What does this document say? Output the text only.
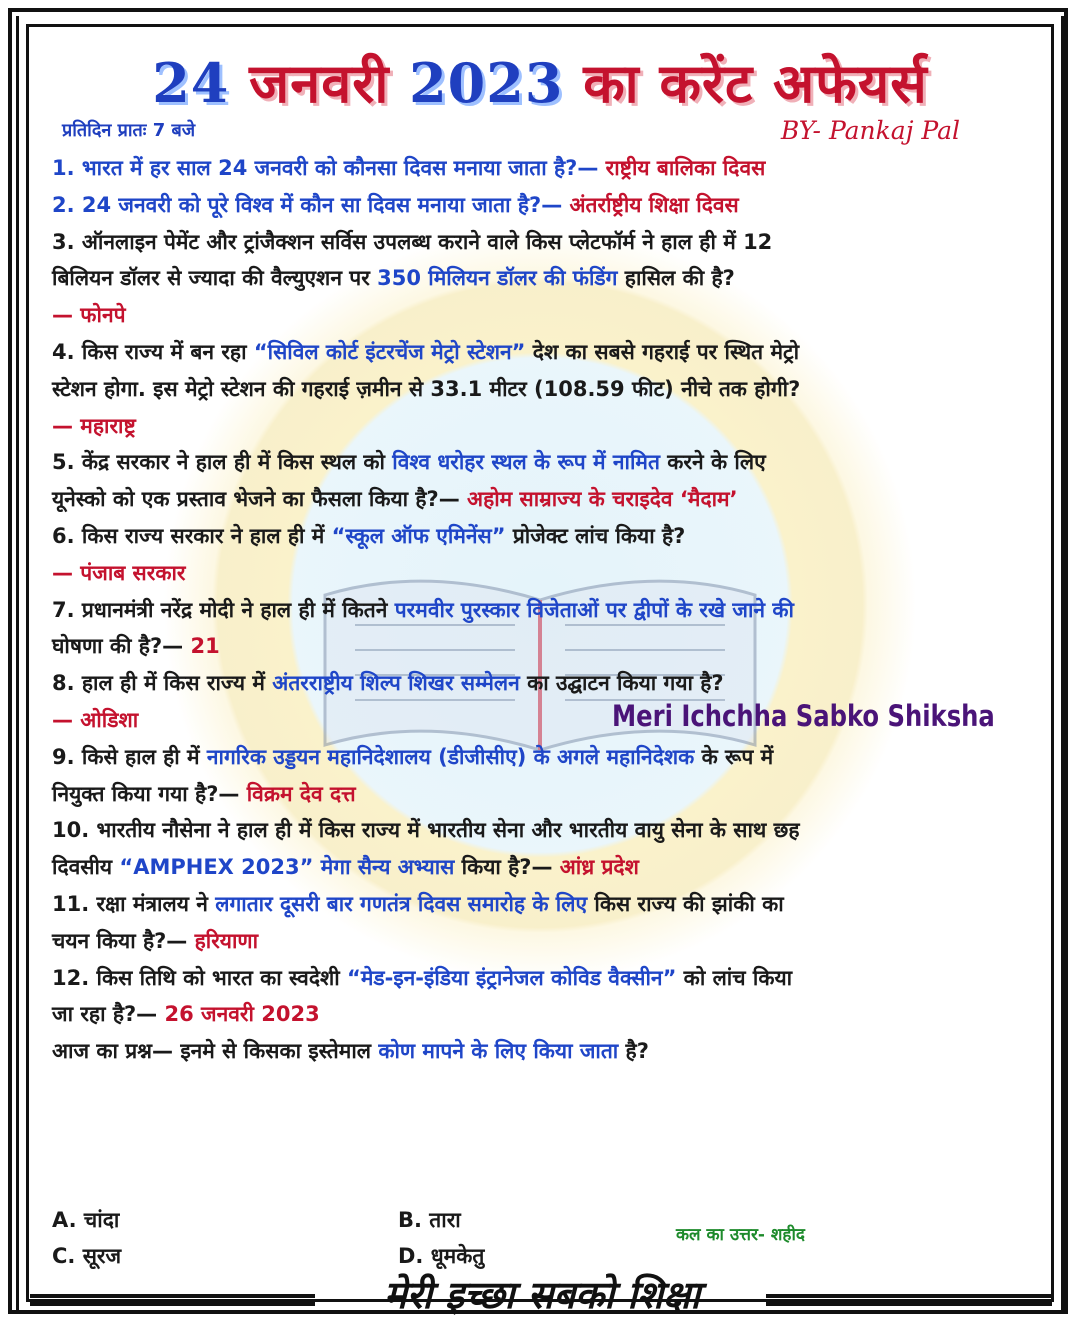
24 जनवरी 2023 का करेंट अफेयर्स
प्रतिदिन प्रातः 7 बजे	BY- Pankaj Pal
1. भारत में हर साल 24 जनवरी को कौनसा दिवस मनाया जाता है?— राष्ट्रीय बालिका दिवस
2. 24 जनवरी को पूरे विश्व में कौन सा दिवस मनाया जाता है?— अंतर्राष्ट्रीय शिक्षा दिवस
3. ऑनलाइन पेमेंट और ट्रांजैक्शन सर्विस उपलब्ध कराने वाले किस प्लेटफॉर्म ने हाल ही में 12
बिलियन डॉलर से ज्यादा की वैल्युएशन पर 350 मिलियन डॉलर की फंडिंग हासिल की है?
— फोनपे
4. किस राज्य में बन रहा “सिविल कोर्ट इंटरचेंज मेट्रो स्टेशन” देश का सबसे गहराई पर स्थित मेट्रो
स्टेशन होगा. इस मेट्रो स्टेशन की गहराई ज़मीन से 33.1 मीटर (108.59 फीट) नीचे तक होगी?
— महाराष्ट्र
5. केंद्र सरकार ने हाल ही में किस स्थल को विश्व धरोहर स्थल के रूप में नामित करने के लिए
यूनेस्को को एक प्रस्ताव भेजने का फैसला किया है?— अहोम साम्राज्य के चराइदेव ‘मैदाम’
6. किस राज्य सरकार ने हाल ही में “स्कूल ऑफ एमिनेंस” प्रोजेक्ट लांच किया है?
— पंजाब सरकार
7. प्रधानमंत्री नरेंद्र मोदी ने हाल ही में कितने परमवीर पुरस्कार विजेताओं पर द्वीपों के रखे जाने की
घोषणा की है?— 21
8. हाल ही में किस राज्य में अंतरराष्ट्रीय शिल्प शिखर सम्मेलन का उद्घाटन किया गया है?
— ओडिशा
9. किसे हाल ही में नागरिक उड्डयन महानिदेशालय (डीजीसीए) के अगले महानिदेशक के रूप में
नियुक्त किया गया है?— विक्रम देव दत्त
10. भारतीय नौसेना ने हाल ही में किस राज्य में भारतीय सेना और भारतीय वायु सेना के साथ छह
दिवसीय “AMPHEX 2023” मेगा सैन्य अभ्यास किया है?— आंध्र प्रदेश
11. रक्षा मंत्रालय ने लगातार दूसरी बार गणतंत्र दिवस समारोह के लिए किस राज्य की झांकी का
चयन किया है?— हरियाणा
12. किस तिथि को भारत का स्वदेशी “मेड-इन-इंडिया इंट्रानेजल कोविड वैक्सीन” को लांच किया
जा रहा है?— 26 जनवरी 2023
आज का प्रश्न— इनमे से किसका इस्तेमाल कोण मापने के लिए किया जाता है?
Meri Ichchha Sabko Shiksha
A. चांदा	B. तारा
C. सूरज	D. धूमकेतु
कल का उत्तर- शहीद
मेरी इच्छा सबको शिक्षा
